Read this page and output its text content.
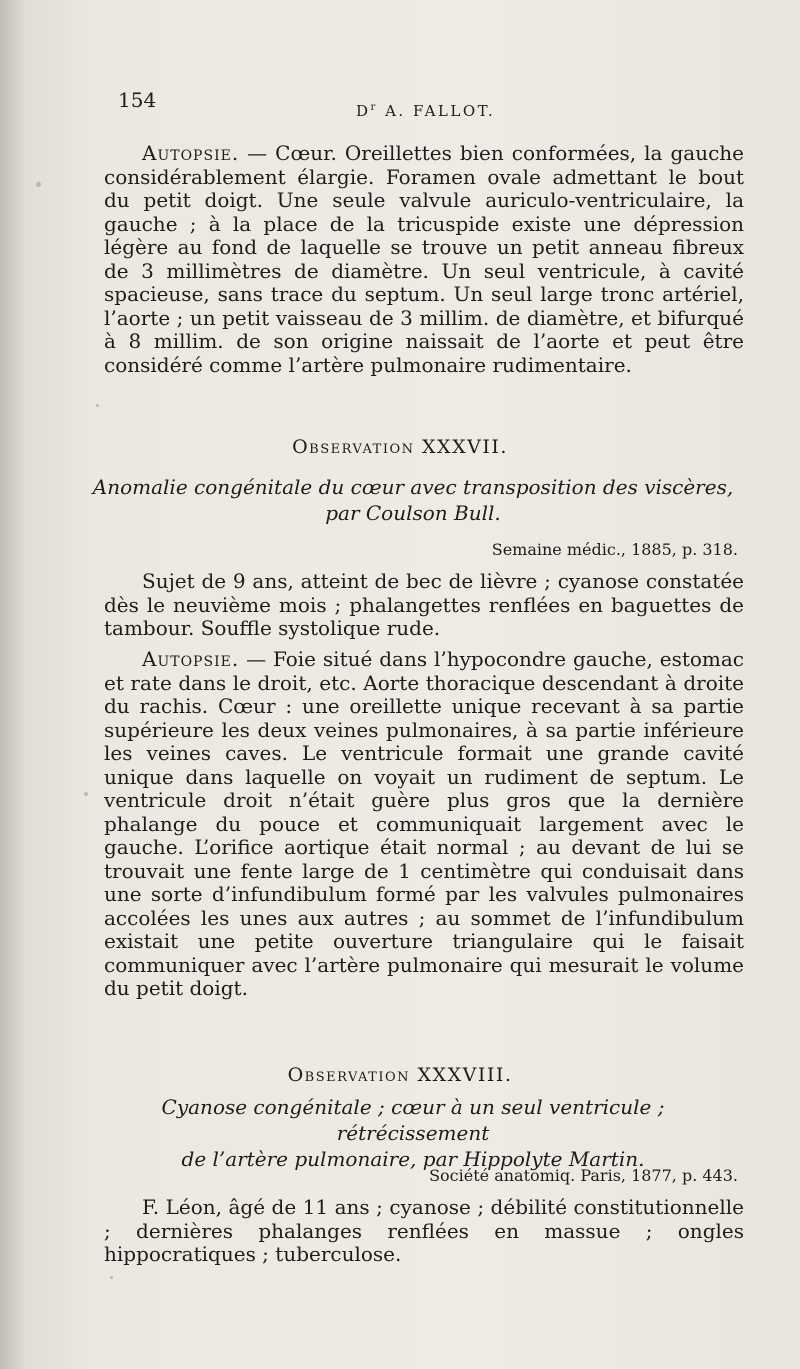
154	$D^r$ A. FALLOT.

Autopsie. — Cœur. Oreillettes bien conformées, la gauche considérablement élargie. Foramen ovale admettant le bout du petit doigt. Une seule valvule auriculo-ventriculaire, la gauche ; à la place de la tricuspide existe une dépression légère au fond de laquelle se trouve un petit anneau fibreux de 3 millimètres de diamètre. Un seul ventricule, à cavité spacieuse, sans trace du septum. Un seul large tronc artériel, l’aorte ; un petit vaisseau de 3 millim. de diamètre, et bifurqué à 8 millim. de son origine naissait de l’aorte et peut être considéré comme l’artère pulmonaire rudimentaire.

Observation XXXVII.
Anomalie congénitale du cœur avec transposition des viscères,
par Coulson Bull.
Semaine médic., 1885, p. 318.

Sujet de 9 ans, atteint de bec de lièvre ; cyanose constatée dès le neuvième mois ; phalangettes renflées en baguettes de tambour. Souffle systolique rude.

Autopsie. — Foie situé dans l’hypocondre gauche, estomac et rate dans le droit, etc. Aorte thoracique descendant à droite du rachis. Cœur : une oreillette unique recevant à sa partie supérieure les deux veines pulmonaires, à sa partie inférieure les veines caves. Le ventricule formait une grande cavité unique dans laquelle on voyait un rudiment de septum. Le ventricule droit n’était guère plus gros que la dernière phalange du pouce et communiquait largement avec le gauche. L’orifice aortique était normal ; au devant de lui se trouvait une fente large de 1 centimètre qui conduisait dans une sorte d’infundibulum formé par les valvules pulmonaires accolées les unes aux autres ; au sommet de l’infundibulum existait une petite ouverture triangulaire qui le faisait communiquer avec l’artère pulmonaire qui mesurait le volume du petit doigt.

Observation XXXVIII.
Cyanose congénitale ; cœur à un seul ventricule ; rétrécissement
de l’artère pulmonaire, par Hippolyte Martin.
Société anatomiq. Paris, 1877, p. 443.

F. Léon, âgé de 11 ans ; cyanose ; débilité constitutionnelle ; dernières phalanges renflées en massue ; ongles hippocratiques ; tuberculose.
